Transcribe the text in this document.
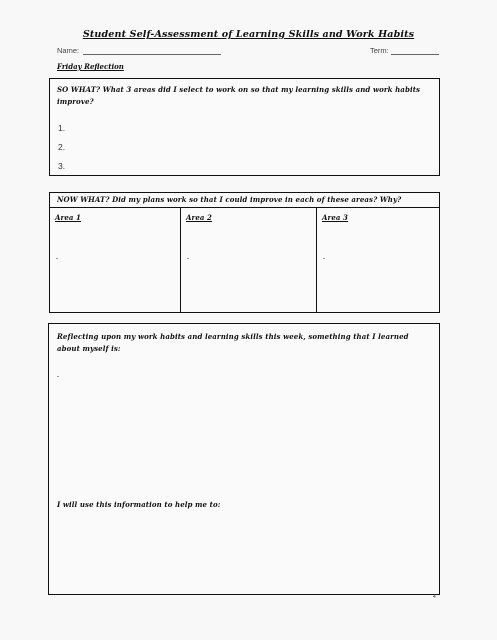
Student Self-Assessment of Learning Skills and Work Habits
Name:	Term:
Friday Reflection
SO WHAT? What 3 areas did I select to work on so that my learning skills and work habits improve?
1.
2.
3.
NOW WHAT? Did my plans work so that I could improve in each of these areas? Why?
Area 1	Area 2	Area 3
Reflecting upon my work habits and learning skills this week, something that I learned about myself is:
I will use this information to help me to:
4
